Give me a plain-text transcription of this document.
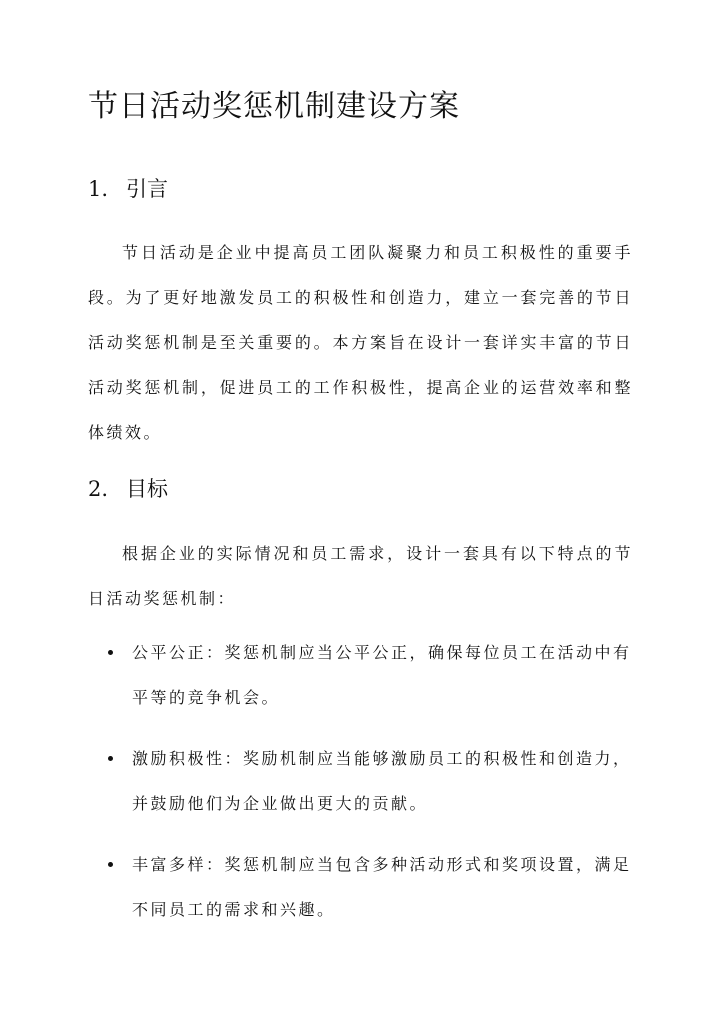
节日活动奖惩机制建设方案
1. 引言

节日活动是企业中提高员工团队凝聚力和员工积极性的重要手段。为了更好地激发员工的积极性和创造力，建立一套完善的节日活动奖惩机制是至关重要的。本方案旨在设计一套详实丰富的节日活动奖惩机制，促进员工的工作积极性，提高企业的运营效率和整体绩效。

2. 目标

根据企业的实际情况和员工需求，设计一套具有以下特点的节日活动奖惩机制：

公平公正：奖惩机制应当公平公正，确保每位员工在活动中有平等的竞争机会。
激励积极性：奖励机制应当能够激励员工的积极性和创造力，并鼓励他们为企业做出更大的贡献。
丰富多样：奖惩机制应当包含多种活动形式和奖项设置，满足不同员工的需求和兴趣。
